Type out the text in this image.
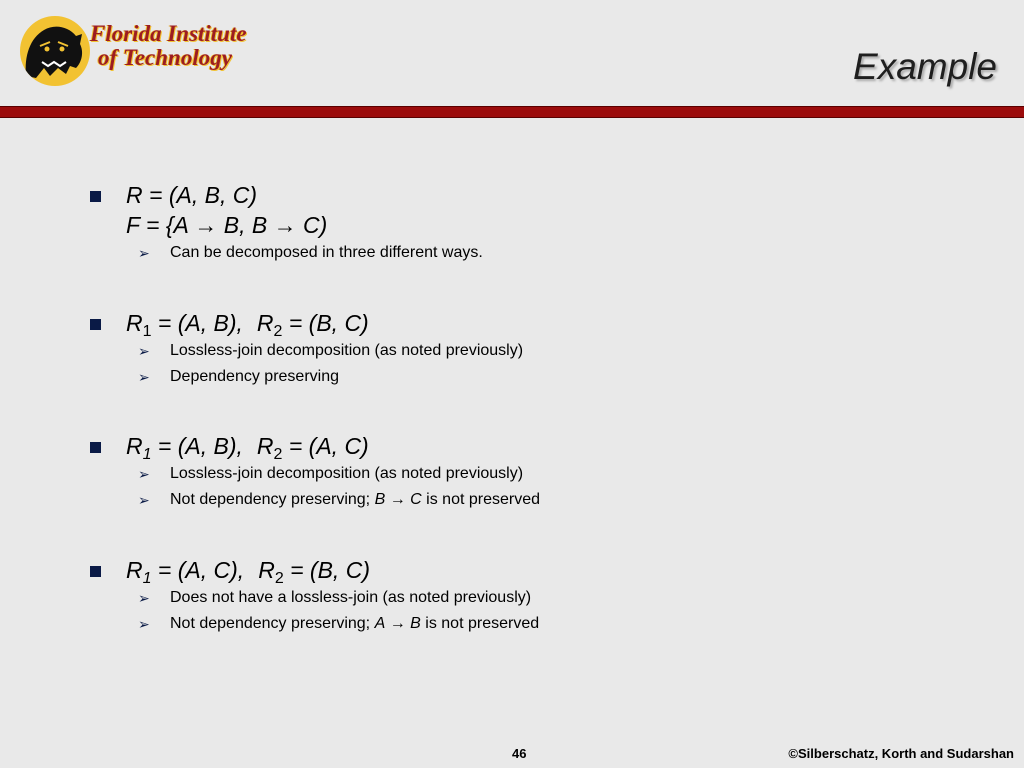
Florida Institute
of Technology	Example
R = (A, B, C)
F = {A → B, B → C)
➢ Can be decomposed in three different ways.
$R_1 = (A$, B), $R_2 = (B$, C)
➢ Lossless-join decomposition (as noted previously)
➢ Dependency preserving
$R_1 = (A$, B), $R_2 = (A$, C)
➢ Lossless-join decomposition (as noted previously)
➢ Not dependency preserving; B → C is not preserved
$R_1 = (A$, C), $R_2 = (B$, C)
➢ Does not have a lossless-join (as noted previously)
➢ Not dependency preserving; A → B is not preserved
46	©Silberschatz, Korth and Sudarshan
